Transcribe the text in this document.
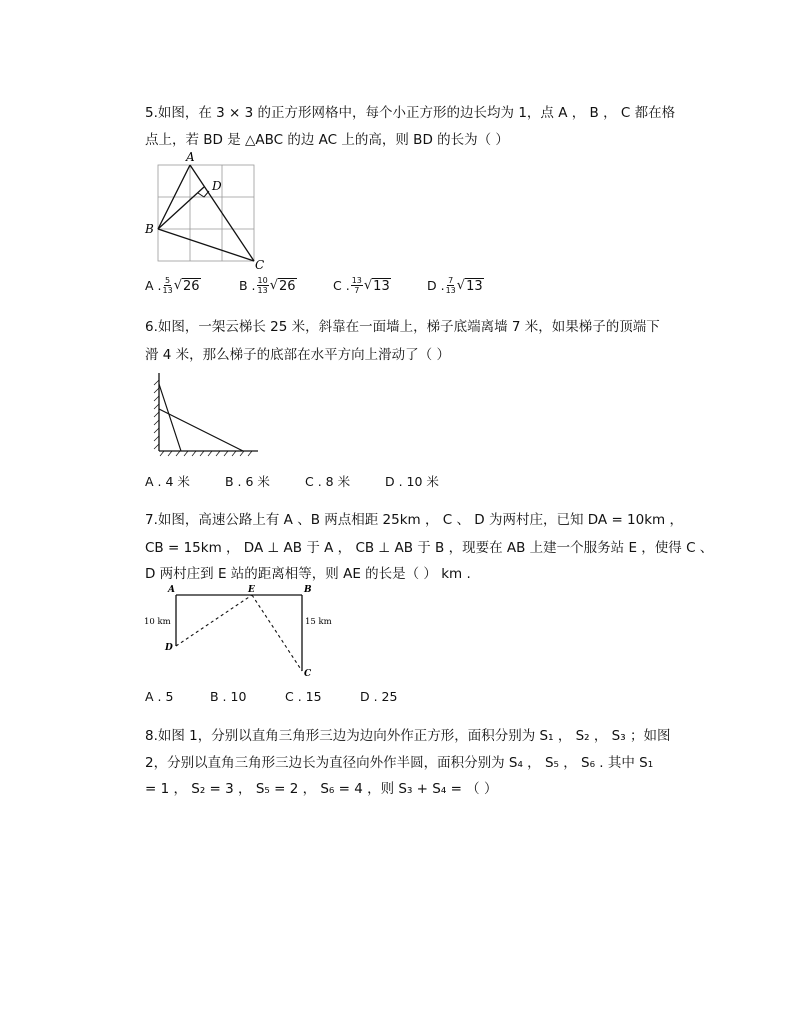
5.如图，在 3 × 3 的正方形网格中，每个小正方形的边长均为 1，点 A ， B ， C 都在格
点上，若 BD 是 △ABC 的边 AC 上的高，则 BD 的长为（ ）
A
D
B
C
A . 5
13 √ 26	B . 10
13 √ 26	C . 13
7 √ 13	D . 7
13 √ 13
6.如图，一架云梯长 25 米，斜靠在一面墙上，梯子底端离墙 7 米，如果梯子的顶端下
滑 4 米，那么梯子的底部在水平方向上滑动了（ ）
A . 4 米	B . 6 米	C . 8 米	D . 10 米
7.如图，高速公路上有 A 、B 两点相距 25km ， C 、 D 为两村庄，已知 DA = 10km ，
CB = 15km ， DA ⊥ AB 于 A ， CB ⊥ AB 于 B ，现要在 AB 上建一个服务站 E ，使得 C 、
D 两村庄到 E 站的距离相等，则 AE 的长是（ ） km .
A	E	B
D
C
10 km	15 km
A . 5	B . 10	C . 15	D . 25
8.如图 1，分别以直角三角形三边为边向外作正方形，面积分别为 S₁ ， S₂ ， S₃ ；如图
2，分别以直角三角形三边长为直径向外作半圆，面积分别为 S₄ ， S₅ ， S₆ . 其中 S₁
= 1 ， S₂ = 3 ， S₅ = 2 ， S₆ = 4 ，则 S₃ + S₄ = （ ）
